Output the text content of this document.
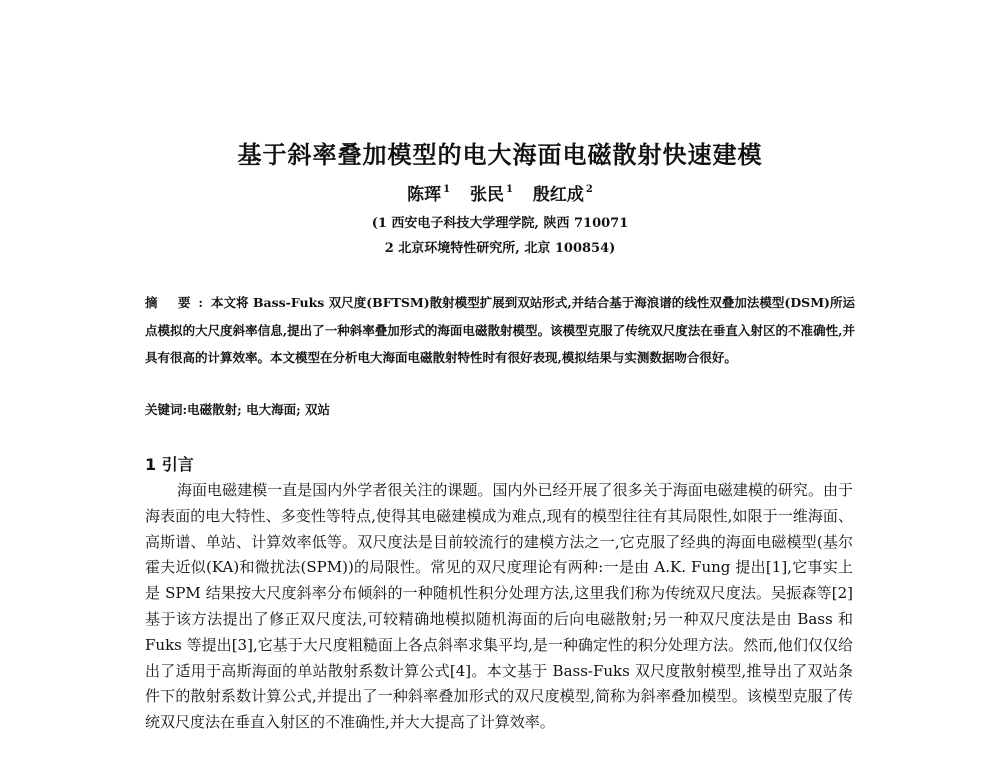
基于斜率叠加模型的电大海面电磁散射快速建模
陈珲 $^1$ 张民 $^1$ 殷红成 $^2$
(1 西安电子科技大学理学院, 陕西 710071
2 北京环境特性研究所, 北京 100854)
摘 要:本文将 Bass-Fuks 双尺度(BFTSM)散射模型扩展到双站形式,并结合基于海浪谱的线性双叠加法模型(DSM)所运点模拟的大尺度斜率信息,提出了一种斜率叠加形式的海面电磁散射模型。该模型克服了传统双尺度法在垂直入射区的不准确性,并具有很高的计算效率。本文模型在分析电大海面电磁散射特性时有很好表现,模拟结果与实测数据吻合很好。
关键词:电磁散射; 电大海面; 双站
1 引言
海面电磁建模一直是国内外学者很关注的课题。国内外已经开展了很多关于海面电磁建模的研究。由于海表面的电大特性、多变性等特点,使得其电磁建模成为难点,现有的模型往往有其局限性,如限于一维海面、高斯谱、单站、计算效率低等。双尺度法是目前较流行的建模方法之一,它克服了经典的海面电磁模型(基尔霍夫近似(KA)和微扰法(SPM))的局限性。常见的双尺度理论有两种:一是由 A.K. Fung 提出[1],它事实上是 SPM 结果按大尺度斜率分布倾斜的一种随机性积分处理方法,这里我们称为传统双尺度法。吴振森等[2]基于该方法提出了修正双尺度法,可较精确地模拟随机海面的后向电磁散射;另一种双尺度法是由 Bass 和 Fuks 等提出[3],它基于大尺度粗糙面上各点斜率求集平均,是一种确定性的积分处理方法。然而,他们仅仅给出了适用于高斯海面的单站散射系数计算公式[4]。本文基于 Bass-Fuks 双尺度散射模型,推导出了双站条件下的散射系数计算公式,并提出了一种斜率叠加形式的双尺度模型,简称为斜率叠加模型。该模型克服了传统双尺度法在垂直入射区的不准确性,并大大提高了计算效率。
